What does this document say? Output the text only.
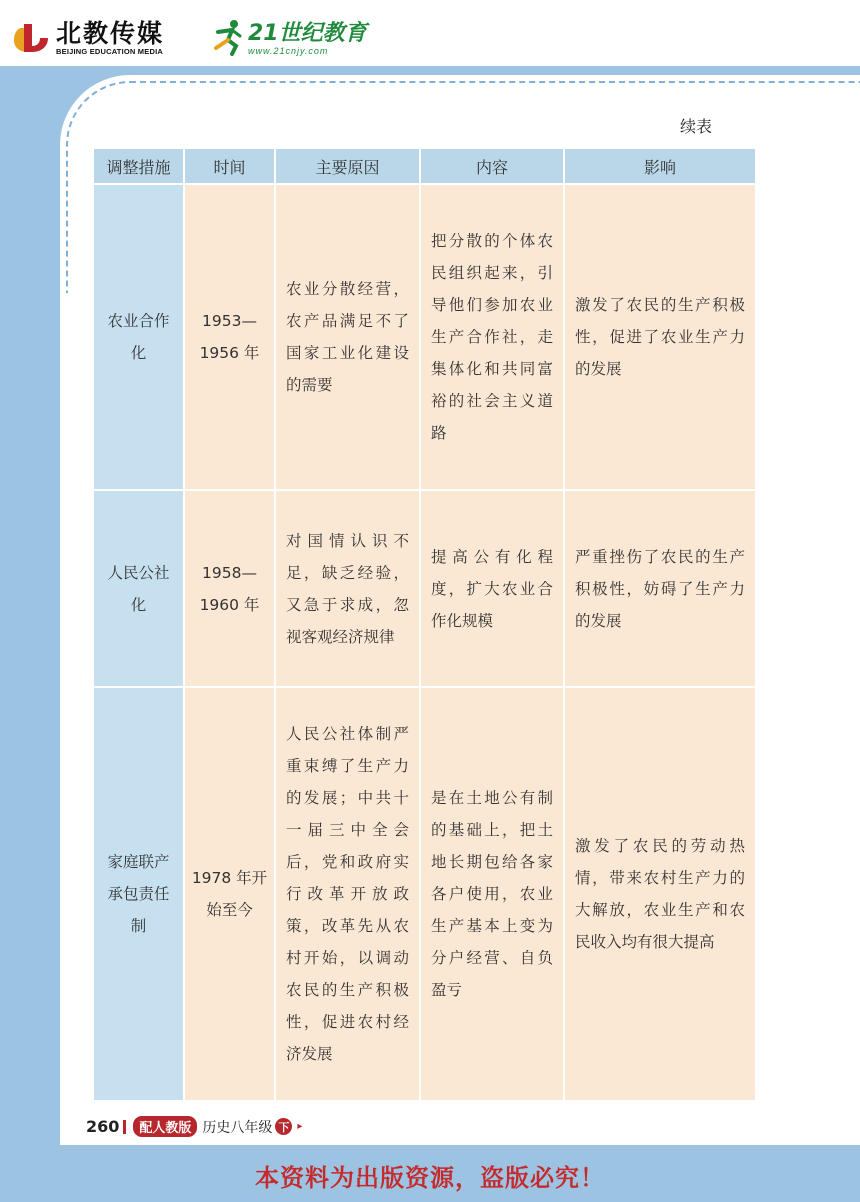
北教传媒
BEIJING EDUCATION MEDIA
21世纪教育
www.21cnjy.com
续表
调整措施	时间	主要原因	内容	影响
农业合作化	1953—1956 年	农业分散经营，农产品满足不了国家工业化建设的需要	把分散的个体农民组织起来，引导他们参加农业生产合作社，走集体化和共同富裕的社会主义道路	激发了农民的生产积极性，促进了农业生产力的发展
人民公社化	1958—1960 年	对国情认识不足，缺乏经验，又急于求成，忽视客观经济规律	提高公有化程度，扩大农业合作化规模	严重挫伤了农民的生产积极性，妨碍了生产力的发展
家庭联产承包责任制	1978 年开始至今	人民公社体制严重束缚了生产力的发展；中共十一届三中全会后，党和政府实行改革开放政策，改革先从农村开始，以调动农民的生产积极性，促进农村经济发展	是在土地公有制的基础上，把土地长期包给各家各户使用，农业生产基本上变为分户经营、自负盈亏	激发了农民的劳动热情，带来农村生产力的大解放，农业生产和农民收入均有很大提高
260	配人教版 历史八年级 下 ▸
本资料为出版资源，盗版必究！
